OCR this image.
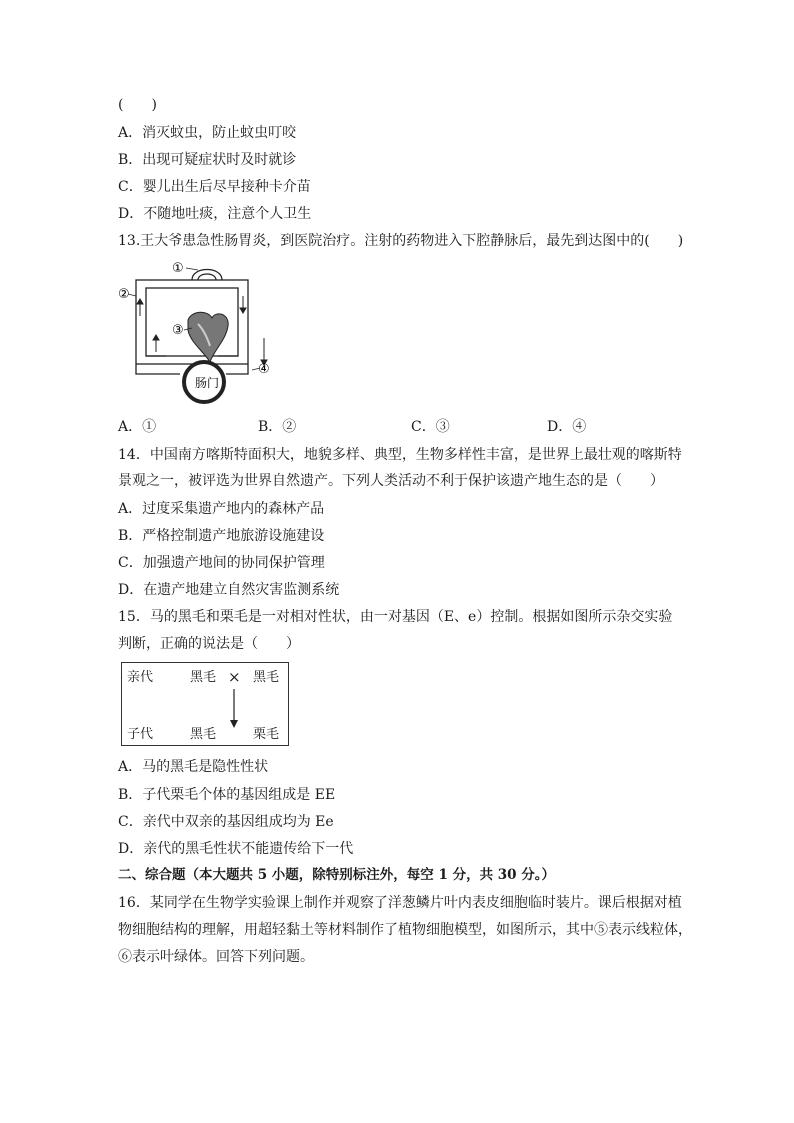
(　　)
A．消灭蚊虫，防止蚊虫叮咬
B．出现可疑症状时及时就诊
C．婴儿出生后尽早接种卡介苗
D．不随地吐痰，注意个人卫生
13.王大爷患急性肠胃炎，到医院治疗。注射的药物进入下腔静脉后，最先到达图中的(　　)
①
②
③
④
肠门
A．①	B．②	C．③	D．④
14．中国南方喀斯特面积大，地貌多样、典型，生物多样性丰富，是世界上最壮观的喀斯特
景观之一，被评选为世界自然遗产。下列人类活动不利于保护该遗产地生态的是（　　）
A．过度采集遗产地内的森林产品
B．严格控制遗产地旅游设施建设
C．加强遗产地间的协同保护管理
D．在遗产地建立自然灾害监测系统
15．马的黑毛和栗毛是一对相对性状，由一对基因（E、e）控制。根据如图所示杂交实验
判断，正确的说法是（　　）
亲代	黑毛 × 黑毛
子代	黑毛	栗毛
A．马的黑毛是隐性性状
B．子代栗毛个体的基因组成是 EE
C．亲代中双亲的基因组成均为 Ee
D．亲代的黑毛性状不能遗传给下一代
二、综合题（本大题共 5 小题，除特别标注外，每空 1 分，共 30 分。）
16．某同学在生物学实验课上制作并观察了洋葱鳞片叶内表皮细胞临时装片。课后根据对植
物细胞结构的理解，用超轻黏土等材料制作了植物细胞模型，如图所示，其中⑤表示线粒体，
⑥表示叶绿体。回答下列问题。
